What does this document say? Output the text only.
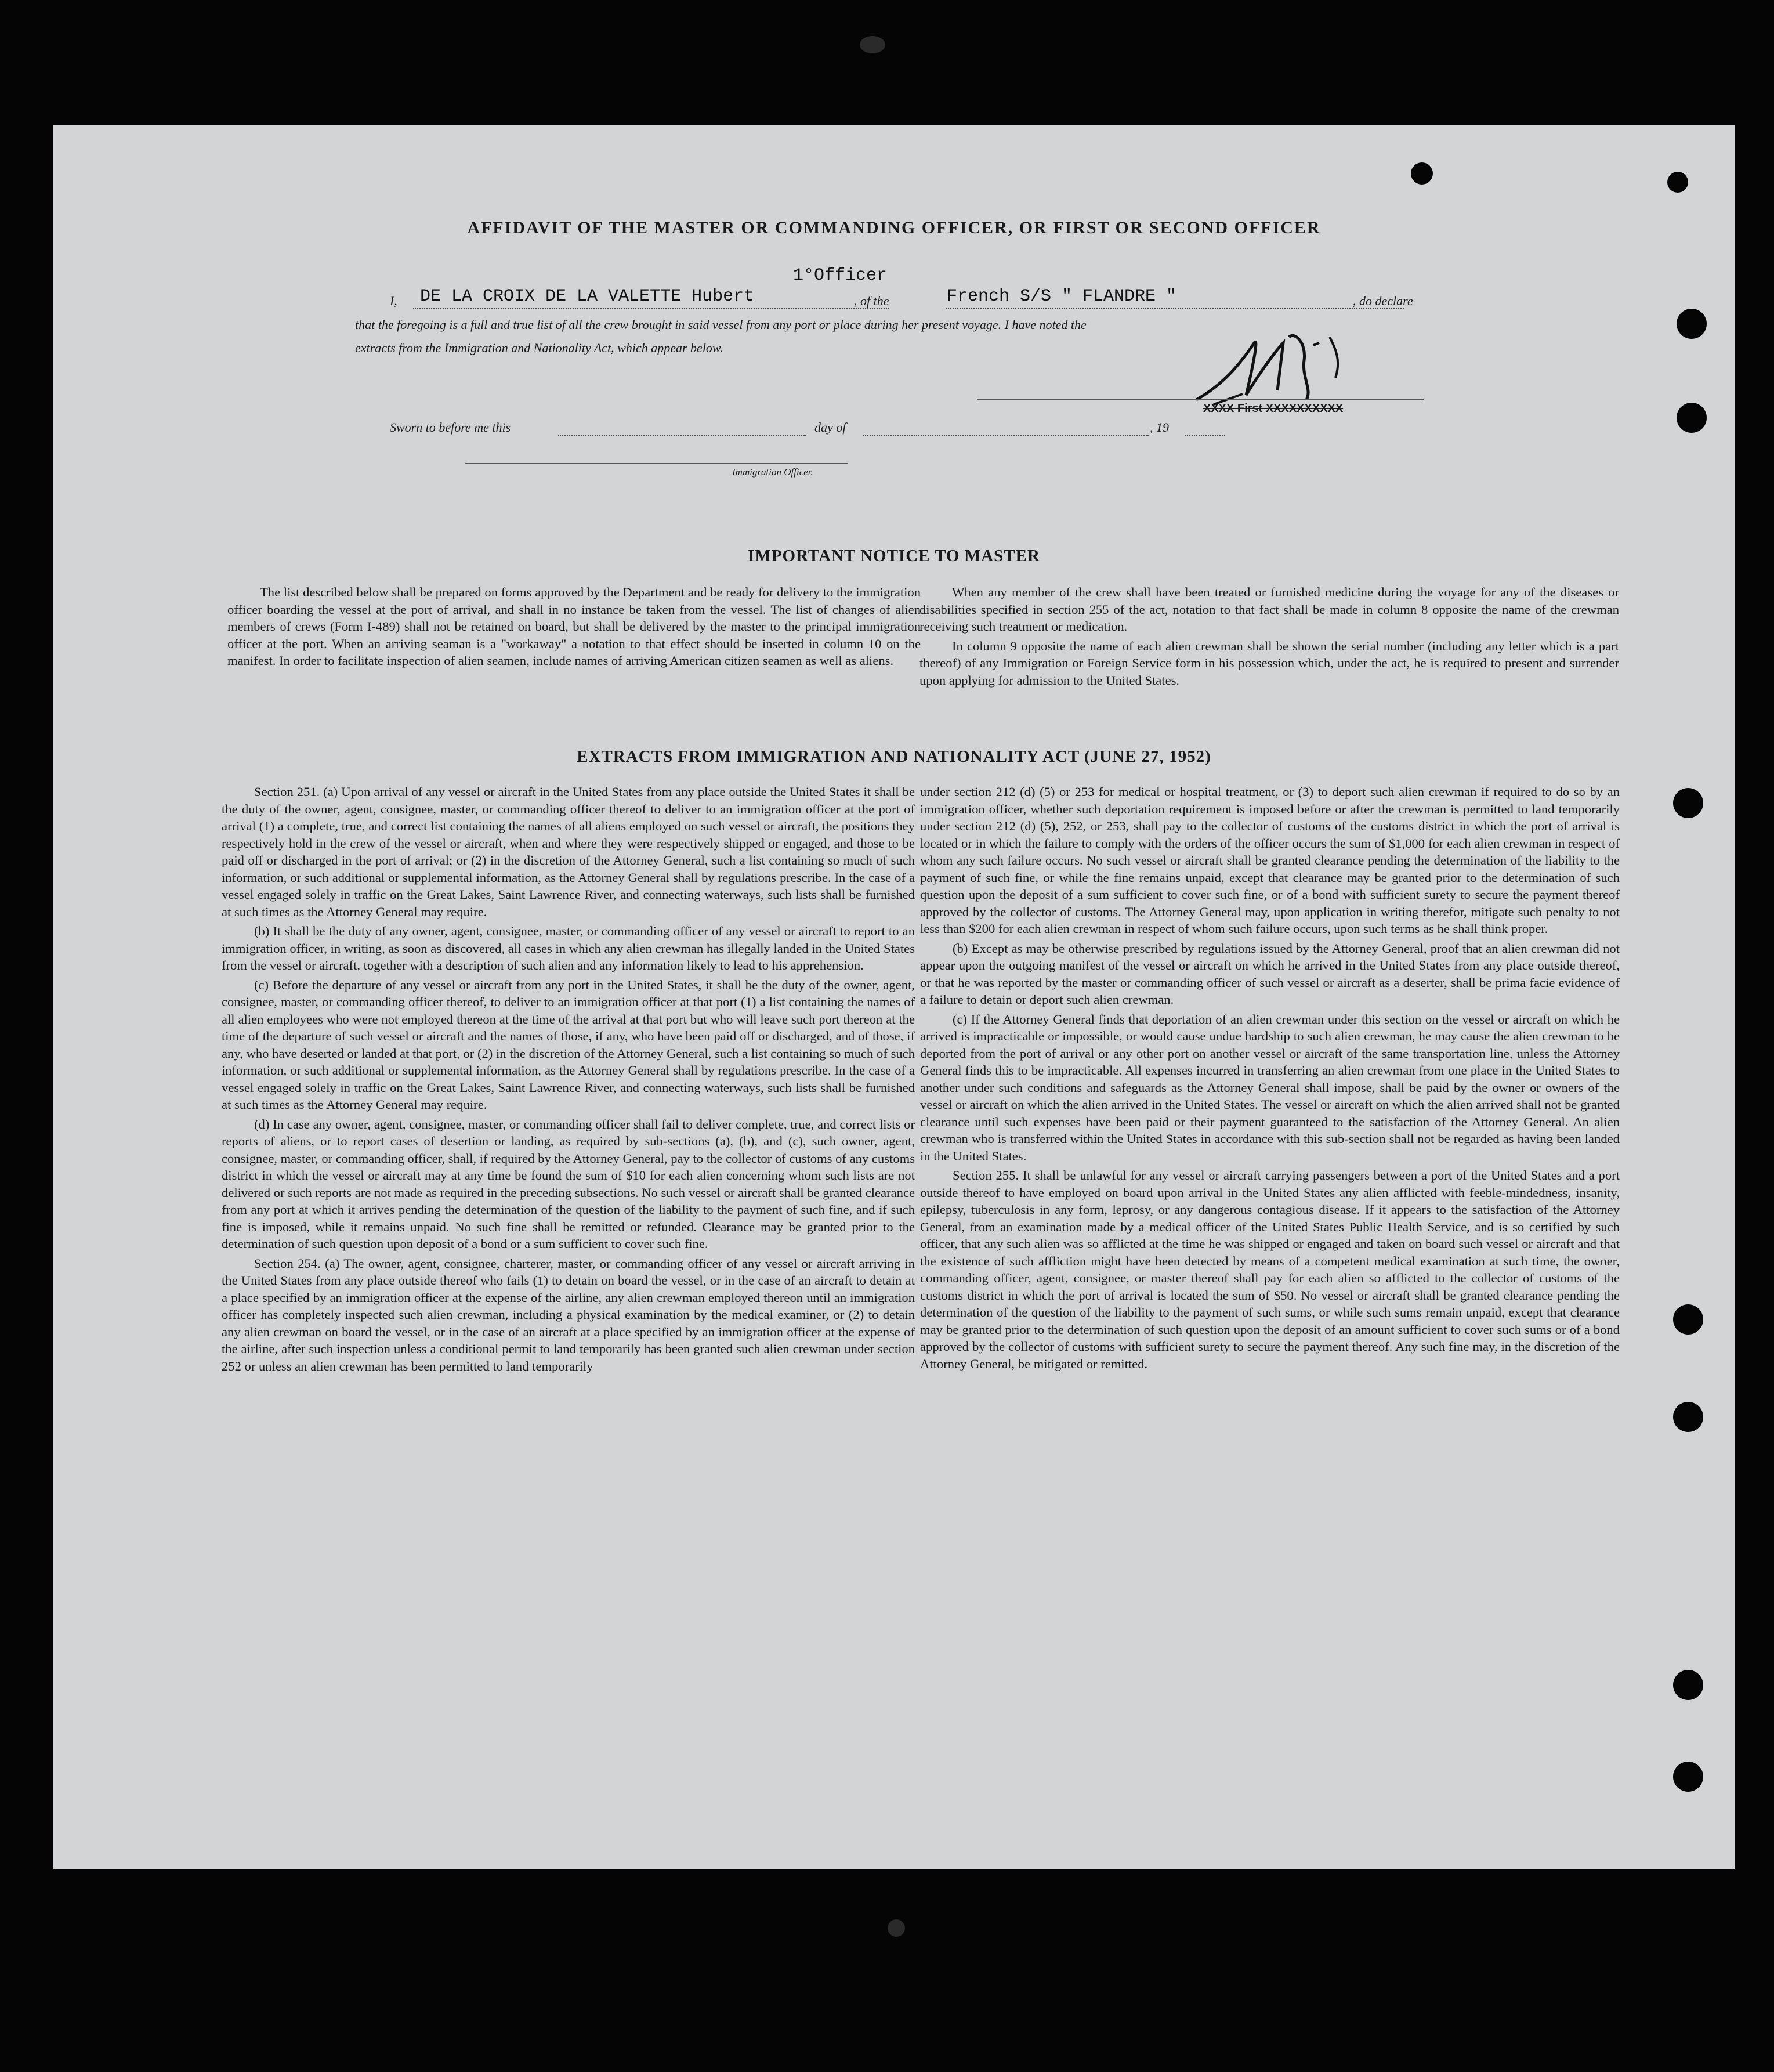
AFFIDAVIT OF THE MASTER OR COMMANDING OFFICER, OR FIRST OR SECOND OFFICER
1°Officer
I, DE LA CROIX DE LA VALETTE Hubert	, of the	French S/S " FLANDRE "	, do declare
that the foregoing is a full and true list of all the crew brought in said vessel from any port or place during her present voyage. I have noted the
extracts from the Immigration and Nationality Act, which appear below.
XXXX First XXXXXXXXXX
Sworn to before me this	day of	, 19
Immigration Officer.
IMPORTANT NOTICE TO MASTER

The list described below shall be prepared on forms approved by the Department and be ready for delivery to the immigration officer boarding the vessel at the port of arrival, and shall in no instance be taken from the vessel. The list of changes of alien members of crews (Form I-489) shall not be retained on board, but shall be delivered by the master to the principal immigration officer at the port. When an arriving seaman is a "workaway" a notation to that effect should be inserted in column 10 on the manifest. In order to facilitate inspection of alien seamen, include names of arriving American citizen seamen as well as aliens.

When any member of the crew shall have been treated or furnished medicine during the voyage for any of the diseases or disabilities specified in section 255 of the act, notation to that fact shall be made in column 8 opposite the name of the crewman receiving such treatment or medication.

In column 9 opposite the name of each alien crewman shall be shown the serial number (including any letter which is a part thereof) of any Immigration or Foreign Service form in his possession which, under the act, he is required to present and surrender upon applying for admission to the United States.

EXTRACTS FROM IMMIGRATION AND NATIONALITY ACT (JUNE 27, 1952)

Section 251. (a) Upon arrival of any vessel or aircraft in the United States from any place outside the United States it shall be the duty of the owner, agent, consignee, master, or commanding officer thereof to deliver to an immigration officer at the port of arrival (1) a complete, true, and correct list containing the names of all aliens employed on such vessel or aircraft, the positions they respectively hold in the crew of the vessel or aircraft, when and where they were respectively shipped or engaged, and those to be paid off or discharged in the port of arrival; or (2) in the discretion of the Attorney General, such a list containing so much of such information, or such additional or supplemental information, as the Attorney General shall by regulations prescribe. In the case of a vessel engaged solely in traffic on the Great Lakes, Saint Lawrence River, and connecting waterways, such lists shall be furnished at such times as the Attorney General may require.

(b) It shall be the duty of any owner, agent, consignee, master, or commanding officer of any vessel or aircraft to report to an immigration officer, in writing, as soon as discovered, all cases in which any alien crewman has illegally landed in the United States from the vessel or aircraft, together with a description of such alien and any information likely to lead to his apprehension.

(c) Before the departure of any vessel or aircraft from any port in the United States, it shall be the duty of the owner, agent, consignee, master, or commanding officer thereof, to deliver to an immigration officer at that port (1) a list containing the names of all alien employees who were not employed thereon at the time of the arrival at that port but who will leave such port thereon at the time of the departure of such vessel or aircraft and the names of those, if any, who have been paid off or discharged, and of those, if any, who have deserted or landed at that port, or (2) in the discretion of the Attorney General, such a list containing so much of such information, or such additional or supplemental information, as the Attorney General shall by regulations prescribe. In the case of a vessel engaged solely in traffic on the Great Lakes, Saint Lawrence River, and connecting waterways, such lists shall be furnished at such times as the Attorney General may require.

(d) In case any owner, agent, consignee, master, or commanding officer shall fail to deliver complete, true, and correct lists or reports of aliens, or to report cases of desertion or landing, as required by sub-sections (a), (b), and (c), such owner, agent, consignee, master, or commanding officer, shall, if required by the Attorney General, pay to the collector of customs of any customs district in which the vessel or aircraft may at any time be found the sum of $10 for each alien concerning whom such lists are not delivered or such reports are not made as required in the preceding subsections. No such vessel or aircraft shall be granted clearance from any port at which it arrives pending the determination of the question of the liability to the payment of such fine, and if such fine is imposed, while it remains unpaid. No such fine shall be remitted or refunded. Clearance may be granted prior to the determination of such question upon deposit of a bond or a sum sufficient to cover such fine.

Section 254. (a) The owner, agent, consignee, charterer, master, or commanding officer of any vessel or aircraft arriving in the United States from any place outside thereof who fails (1) to detain on board the vessel, or in the case of an aircraft to detain at a place specified by an immigration officer at the expense of the airline, any alien crewman employed thereon until an immigration officer has completely inspected such alien crewman, including a physical examination by the medical examiner, or (2) to detain any alien crewman on board the vessel, or in the case of an aircraft at a place specified by an immigration officer at the expense of the airline, after such inspection unless a conditional permit to land temporarily has been granted such alien crewman under section 252 or unless an alien crewman has been permitted to land temporarily

under section 212 (d) (5) or 253 for medical or hospital treatment, or (3) to deport such alien crewman if required to do so by an immigration officer, whether such deportation requirement is imposed before or after the crewman is permitted to land temporarily under section 212 (d) (5), 252, or 253, shall pay to the collector of customs of the customs district in which the port of arrival is located or in which the failure to comply with the orders of the officer occurs the sum of $1,000 for each alien crewman in respect of whom any such failure occurs. No such vessel or aircraft shall be granted clearance pending the determination of the liability to the payment of such fine, or while the fine remains unpaid, except that clearance may be granted prior to the determination of such question upon the deposit of a sum sufficient to cover such fine, or of a bond with sufficient surety to secure the payment thereof approved by the collector of customs. The Attorney General may, upon application in writing therefor, mitigate such penalty to not less than $200 for each alien crewman in respect of whom such failure occurs, upon such terms as he shall think proper.

(b) Except as may be otherwise prescribed by regulations issued by the Attorney General, proof that an alien crewman did not appear upon the outgoing manifest of the vessel or aircraft on which he arrived in the United States from any place outside thereof, or that he was reported by the master or commanding officer of such vessel or aircraft as a deserter, shall be prima facie evidence of a failure to detain or deport such alien crewman.

(c) If the Attorney General finds that deportation of an alien crewman under this section on the vessel or aircraft on which he arrived is impracticable or impossible, or would cause undue hardship to such alien crewman, he may cause the alien crewman to be deported from the port of arrival or any other port on another vessel or aircraft of the same transportation line, unless the Attorney General finds this to be impracticable. All expenses incurred in transferring an alien crewman from one place in the United States to another under such conditions and safeguards as the Attorney General shall impose, shall be paid by the owner or owners of the vessel or aircraft on which the alien arrived in the United States. The vessel or aircraft on which the alien arrived shall not be granted clearance until such expenses have been paid or their payment guaranteed to the satisfaction of the Attorney General. An alien crewman who is transferred within the United States in accordance with this sub-section shall not be regarded as having been landed in the United States.

Section 255. It shall be unlawful for any vessel or aircraft carrying passengers between a port of the United States and a port outside thereof to have employed on board upon arrival in the United States any alien afflicted with feeble-mindedness, insanity, epilepsy, tuberculosis in any form, leprosy, or any dangerous contagious disease. If it appears to the satisfaction of the Attorney General, from an examination made by a medical officer of the United States Public Health Service, and is so certified by such officer, that any such alien was so afflicted at the time he was shipped or engaged and taken on board such vessel or aircraft and that the existence of such affliction might have been detected by means of a competent medical examination at such time, the owner, commanding officer, agent, consignee, or master thereof shall pay for each alien so afflicted to the collector of customs of the customs district in which the port of arrival is located the sum of $50. No vessel or aircraft shall be granted clearance pending the determination of the question of the liability to the payment of such sums, or while such sums remain unpaid, except that clearance may be granted prior to the determination of such question upon the deposit of an amount sufficient to cover such sums or of a bond approved by the collector of customs with sufficient surety to secure the payment thereof. Any such fine may, in the discretion of the Attorney General, be mitigated or remitted.
